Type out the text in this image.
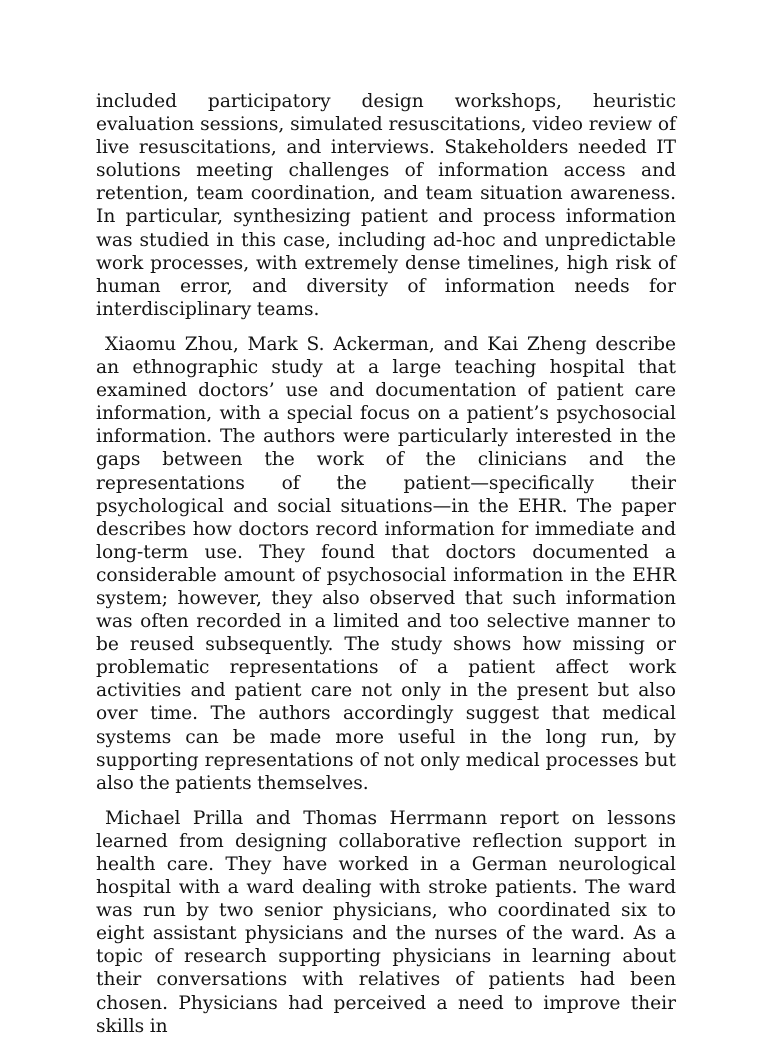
included participatory design workshops, heuristic evaluation sessions, simulated resuscitations, video review of live resuscitations, and interviews. Stakeholders needed IT solutions meeting challenges of information access and retention, team coordination, and team situation awareness. In particular, synthesizing patient and process information was studied in this case, including ad-hoc and unpredictable work processes, with extremely dense timelines, high risk of human error, and diversity of information needs for interdisciplinary teams.

Xiaomu Zhou, Mark S. Ackerman, and Kai Zheng describe an ethnographic study at a large teaching hospital that examined doctors’ use and documentation of patient care information, with a special focus on a patient’s psychosocial information. The authors were particularly interested in the gaps between the work of the clinicians and the representations of the patient—specifically their psychological and social situations—in the EHR. The paper describes how doctors record information for immediate and long-term use. They found that doctors documented a considerable amount of psychosocial information in the EHR system; however, they also observed that such information was often recorded in a limited and too selective manner to be reused subsequently. The study shows how missing or problematic representations of a patient affect work activities and patient care not only in the present but also over time. The authors accordingly suggest that medical systems can be made more useful in the long run, by supporting representations of not only medical processes but also the patients themselves.

Michael Prilla and Thomas Herrmann report on lessons learned from designing collaborative reflection support in health care. They have worked in a German neurological hospital with a ward dealing with stroke patients. The ward was run by two senior physicians, who coordinated six to eight assistant physicians and the nurses of the ward. As a topic of research supporting physicians in learning about their conversations with relatives of patients had been chosen. Physicians had perceived a need to improve their skills in
